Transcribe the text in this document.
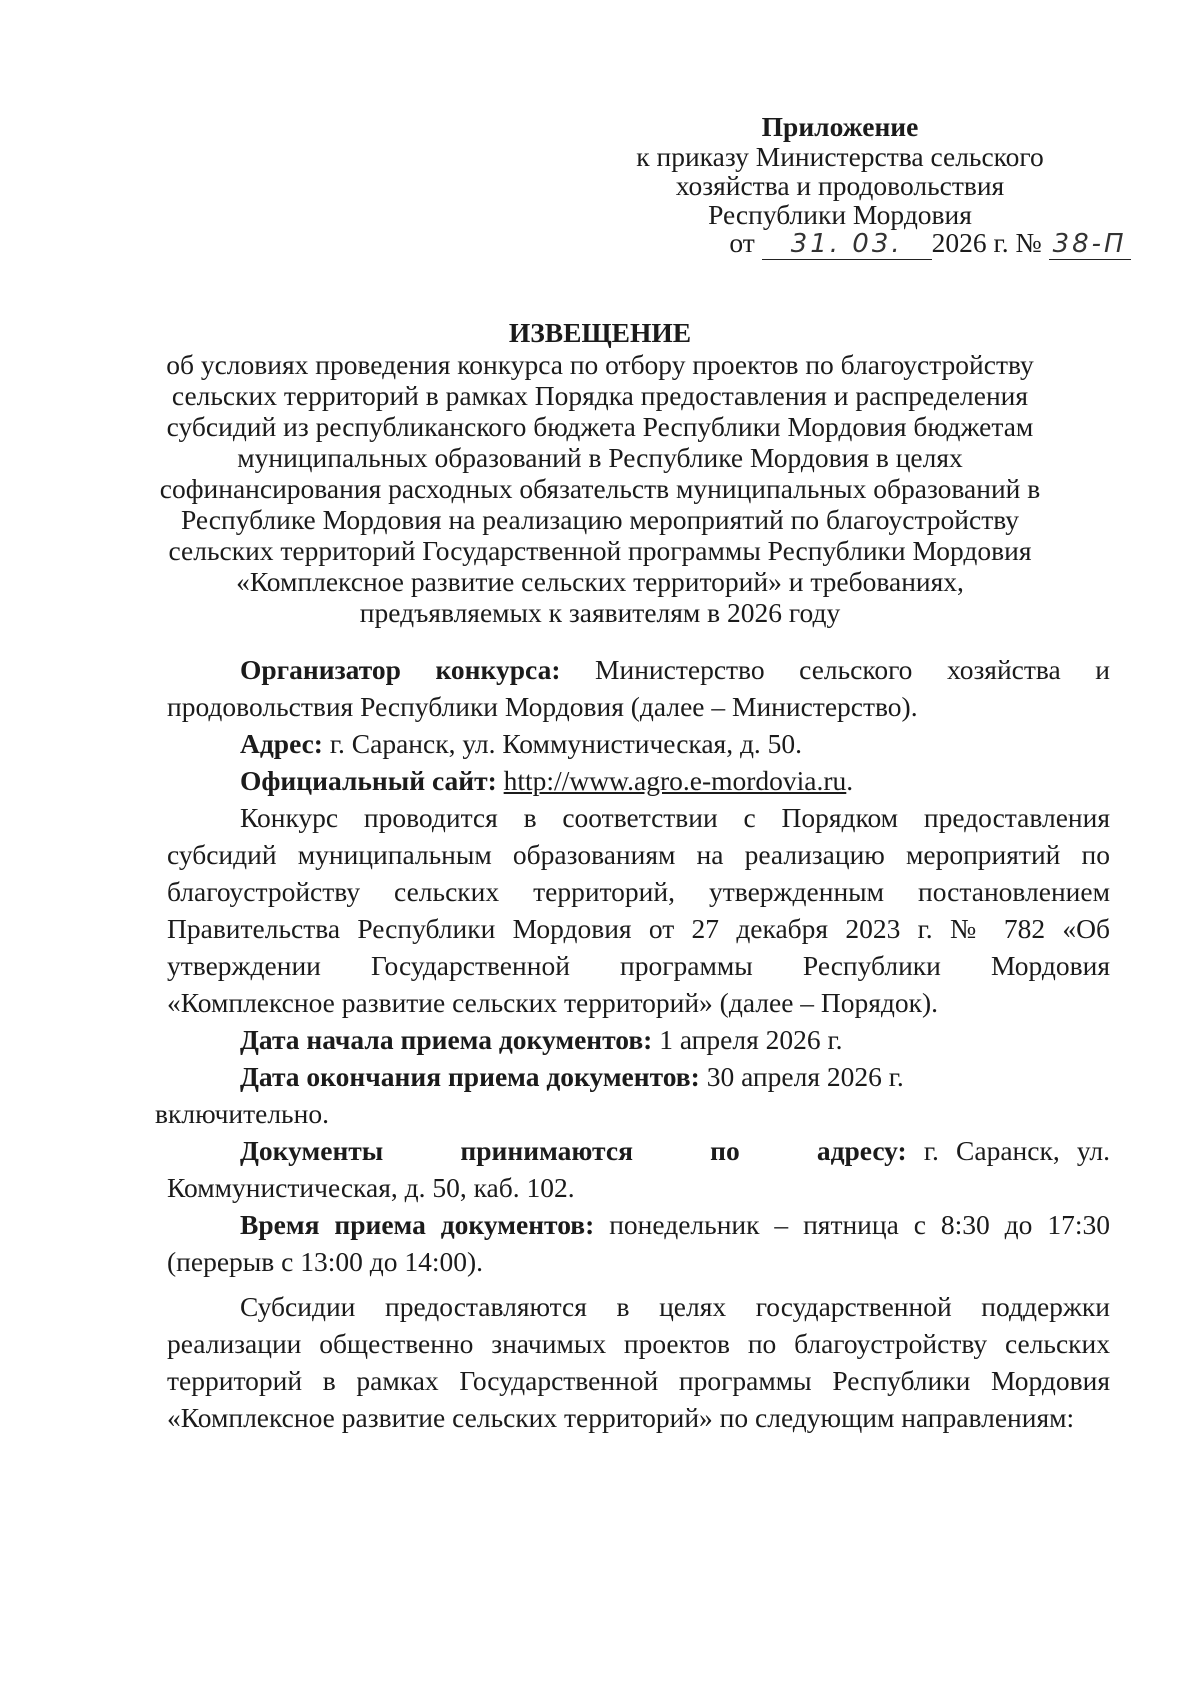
Приложение
к приказу Министерства сельского
хозяйства и продовольствия
Республики Мордовия
от 31. 03. 2026 г. № 38-П
ИЗВЕЩЕНИЕ
об условиях проведения конкурса по отбору проектов по благоустройству
сельских территорий в рамках Порядка предоставления и распределения
субсидий из республиканского бюджета Республики Мордовия бюджетам
муниципальных образований в Республике Мордовия в целях
софинансирования расходных обязательств муниципальных образований в
Республике Мордовия на реализацию мероприятий по благоустройству
сельских территорий Государственной программы Республики Мордовия
«Комплексное развитие сельских территорий» и требованиях,
предъявляемых к заявителям в 2026 году

Организатор конкурса: Министерство сельского хозяйства и продовольствия Республики Мордовия (далее – Министерство).

Адрес: г. Саранск, ул. Коммунистическая, д. 50.

Официальный сайт: http://www.agro.e-mordovia.ru.

Конкурс проводится в соответствии с Порядком предоставления субсидий муниципальным образованиям на реализацию мероприятий по благоустройству сельских территорий, утвержденным постановлением Правительства Республики Мордовия от 27 декабря 2023 г. № 782 «Об утверждении Государственной программы Республики Мордовия «Комплексное развитие сельских территорий» (далее – Порядок).

Дата начала приема документов: 1 апреля 2026 г.

Дата окончания приема документов: 30 апреля 2026 г.

включительно.

Документы принимаются по адресу: г. Саранск, ул. Коммунистическая, д. 50, каб. 102.

Время приема документов: понедельник – пятница с 8:30 до 17:30 (перерыв с 13:00 до 14:00).

Субсидии предоставляются в целях государственной поддержки реализации общественно значимых проектов по благоустройству сельских территорий в рамках Государственной программы Республики Мордовия «Комплексное развитие сельских территорий» по следующим направлениям:
